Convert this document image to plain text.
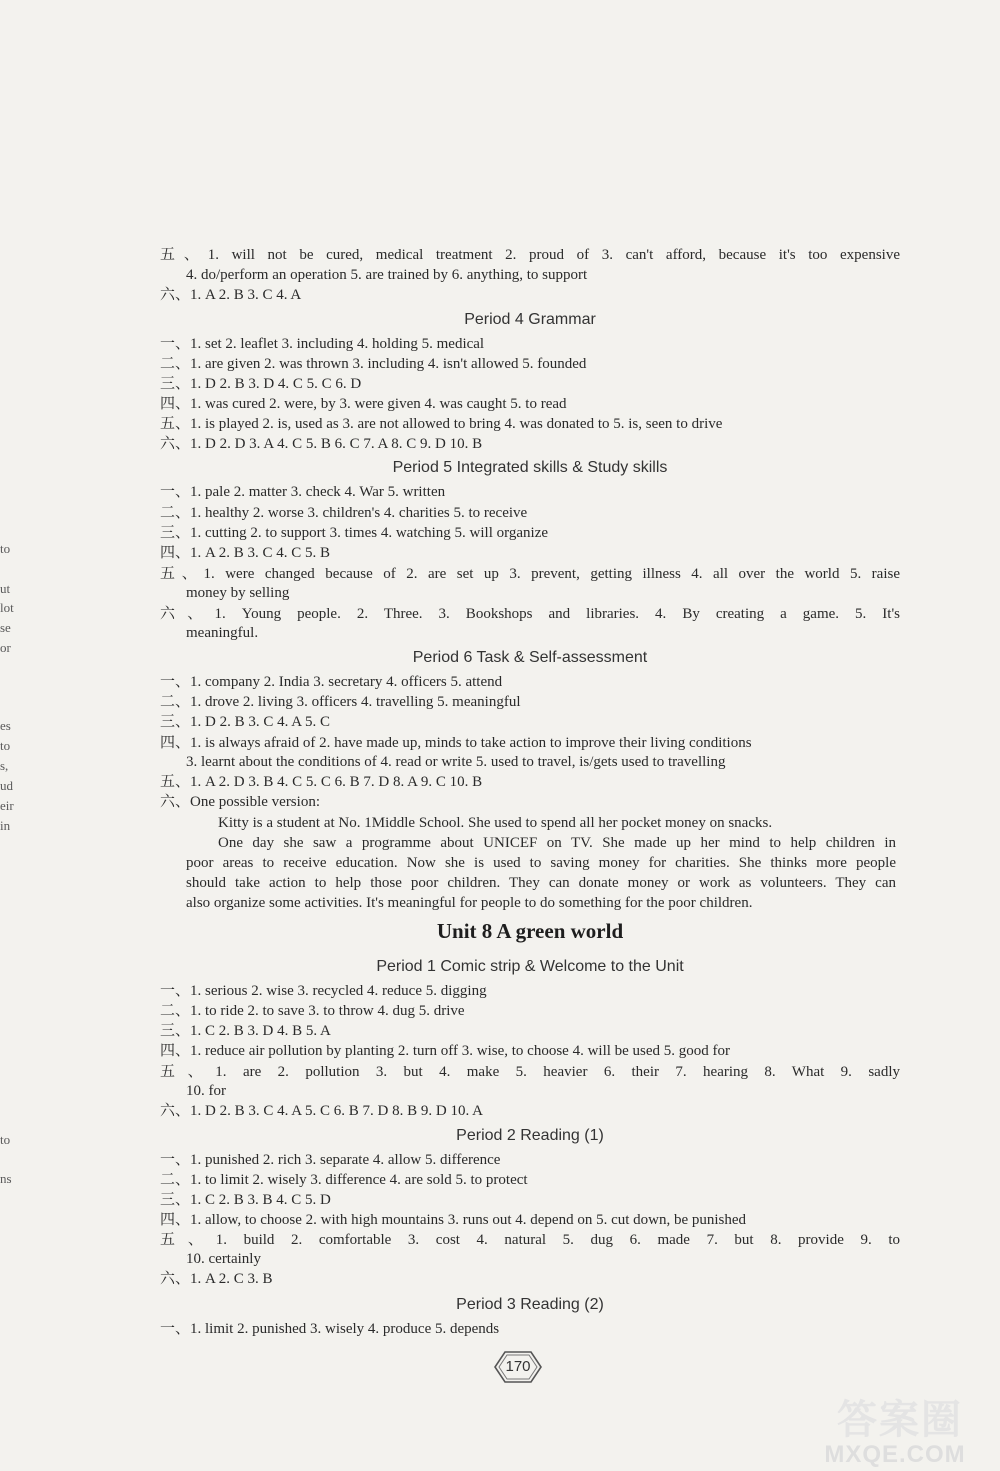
五、1. will not be cured, medical treatment 2. proud of 3. can't afford, because it's too expensive
4. do/perform an operation 5. are trained by 6. anything, to support
六、1. A 2. B 3. C 4. A
Period 4 Grammar
一、1. set 2. leaflet 3. including 4. holding 5. medical
二、1. are given 2. was thrown 3. including 4. isn't allowed 5. founded
三、1. D 2. B 3. D 4. C 5. C 6. D
四、1. was cured 2. were, by 3. were given 4. was caught 5. to read
五、1. is played 2. is, used as 3. are not allowed to bring 4. was donated to 5. is, seen to drive
六、1. D 2. D 3. A 4. C 5. B 6. C 7. A 8. C 9. D 10. B
Period 5 Integrated skills & Study skills
一、1. pale 2. matter 3. check 4. War 5. written
二、1. healthy 2. worse 3. children's 4. charities 5. to receive
三、1. cutting 2. to support 3. times 4. watching 5. will organize
四、1. A 2. B 3. C 4. C 5. B
五、1. were changed because of 2. are set up 3. prevent, getting illness 4. all over the world 5. raise
money by selling
六、1. Young people. 2. Three. 3. Bookshops and libraries. 4. By creating a game. 5. It's
meaningful.
Period 6 Task & Self-assessment
一、1. company 2. India 3. secretary 4. officers 5. attend
二、1. drove 2. living 3. officers 4. travelling 5. meaningful
三、1. D 2. B 3. C 4. A 5. C
四、1. is always afraid of 2. have made up, minds to take action to improve their living conditions
3. learnt about the conditions of 4. read or write 5. used to travel, is/gets used to travelling
五、1. A 2. D 3. B 4. C 5. C 6. B 7. D 8. A 9. C 10. B
六、One possible version:
Kitty is a student at No. 1Middle School. She used to spend all her pocket money on snacks.
One day she saw a programme about UNICEF on TV. She made up her mind to help children in
poor areas to receive education. Now she is used to saving money for charities. She thinks more people
should take action to help those poor children. They can donate money or work as volunteers. They can
also organize some activities. It's meaningful for people to do something for the poor children.
Unit 8 A green world
Period 1 Comic strip & Welcome to the Unit
一、1. serious 2. wise 3. recycled 4. reduce 5. digging
二、1. to ride 2. to save 3. to throw 4. dug 5. drive
三、1. C 2. B 3. D 4. B 5. A
四、1. reduce air pollution by planting 2. turn off 3. wise, to choose 4. will be used 5. good for
五、1. are 2. pollution 3. but 4. make 5. heavier 6. their 7. hearing 8. What 9. sadly
10. for
六、1. D 2. B 3. C 4. A 5. C 6. B 7. D 8. B 9. D 10. A
Period 2 Reading (1)
一、1. punished 2. rich 3. separate 4. allow 5. difference
二、1. to limit 2. wisely 3. difference 4. are sold 5. to protect
三、1. C 2. B 3. B 4. C 5. D
四、1. allow, to choose 2. with high mountains 3. runs out 4. depend on 5. cut down, be punished
五、1. build 2. comfortable 3. cost 4. natural 5. dug 6. made 7. but 8. provide 9. to
10. certainly
六、1. A 2. C 3. B
Period 3 Reading (2)
一、1. limit 2. punished 3. wisely 4. produce 5. depends
to
ut
lot
se
or
es
to
s,
ud
eir
in
to
ns
170
答案圈
MXQE.COM
